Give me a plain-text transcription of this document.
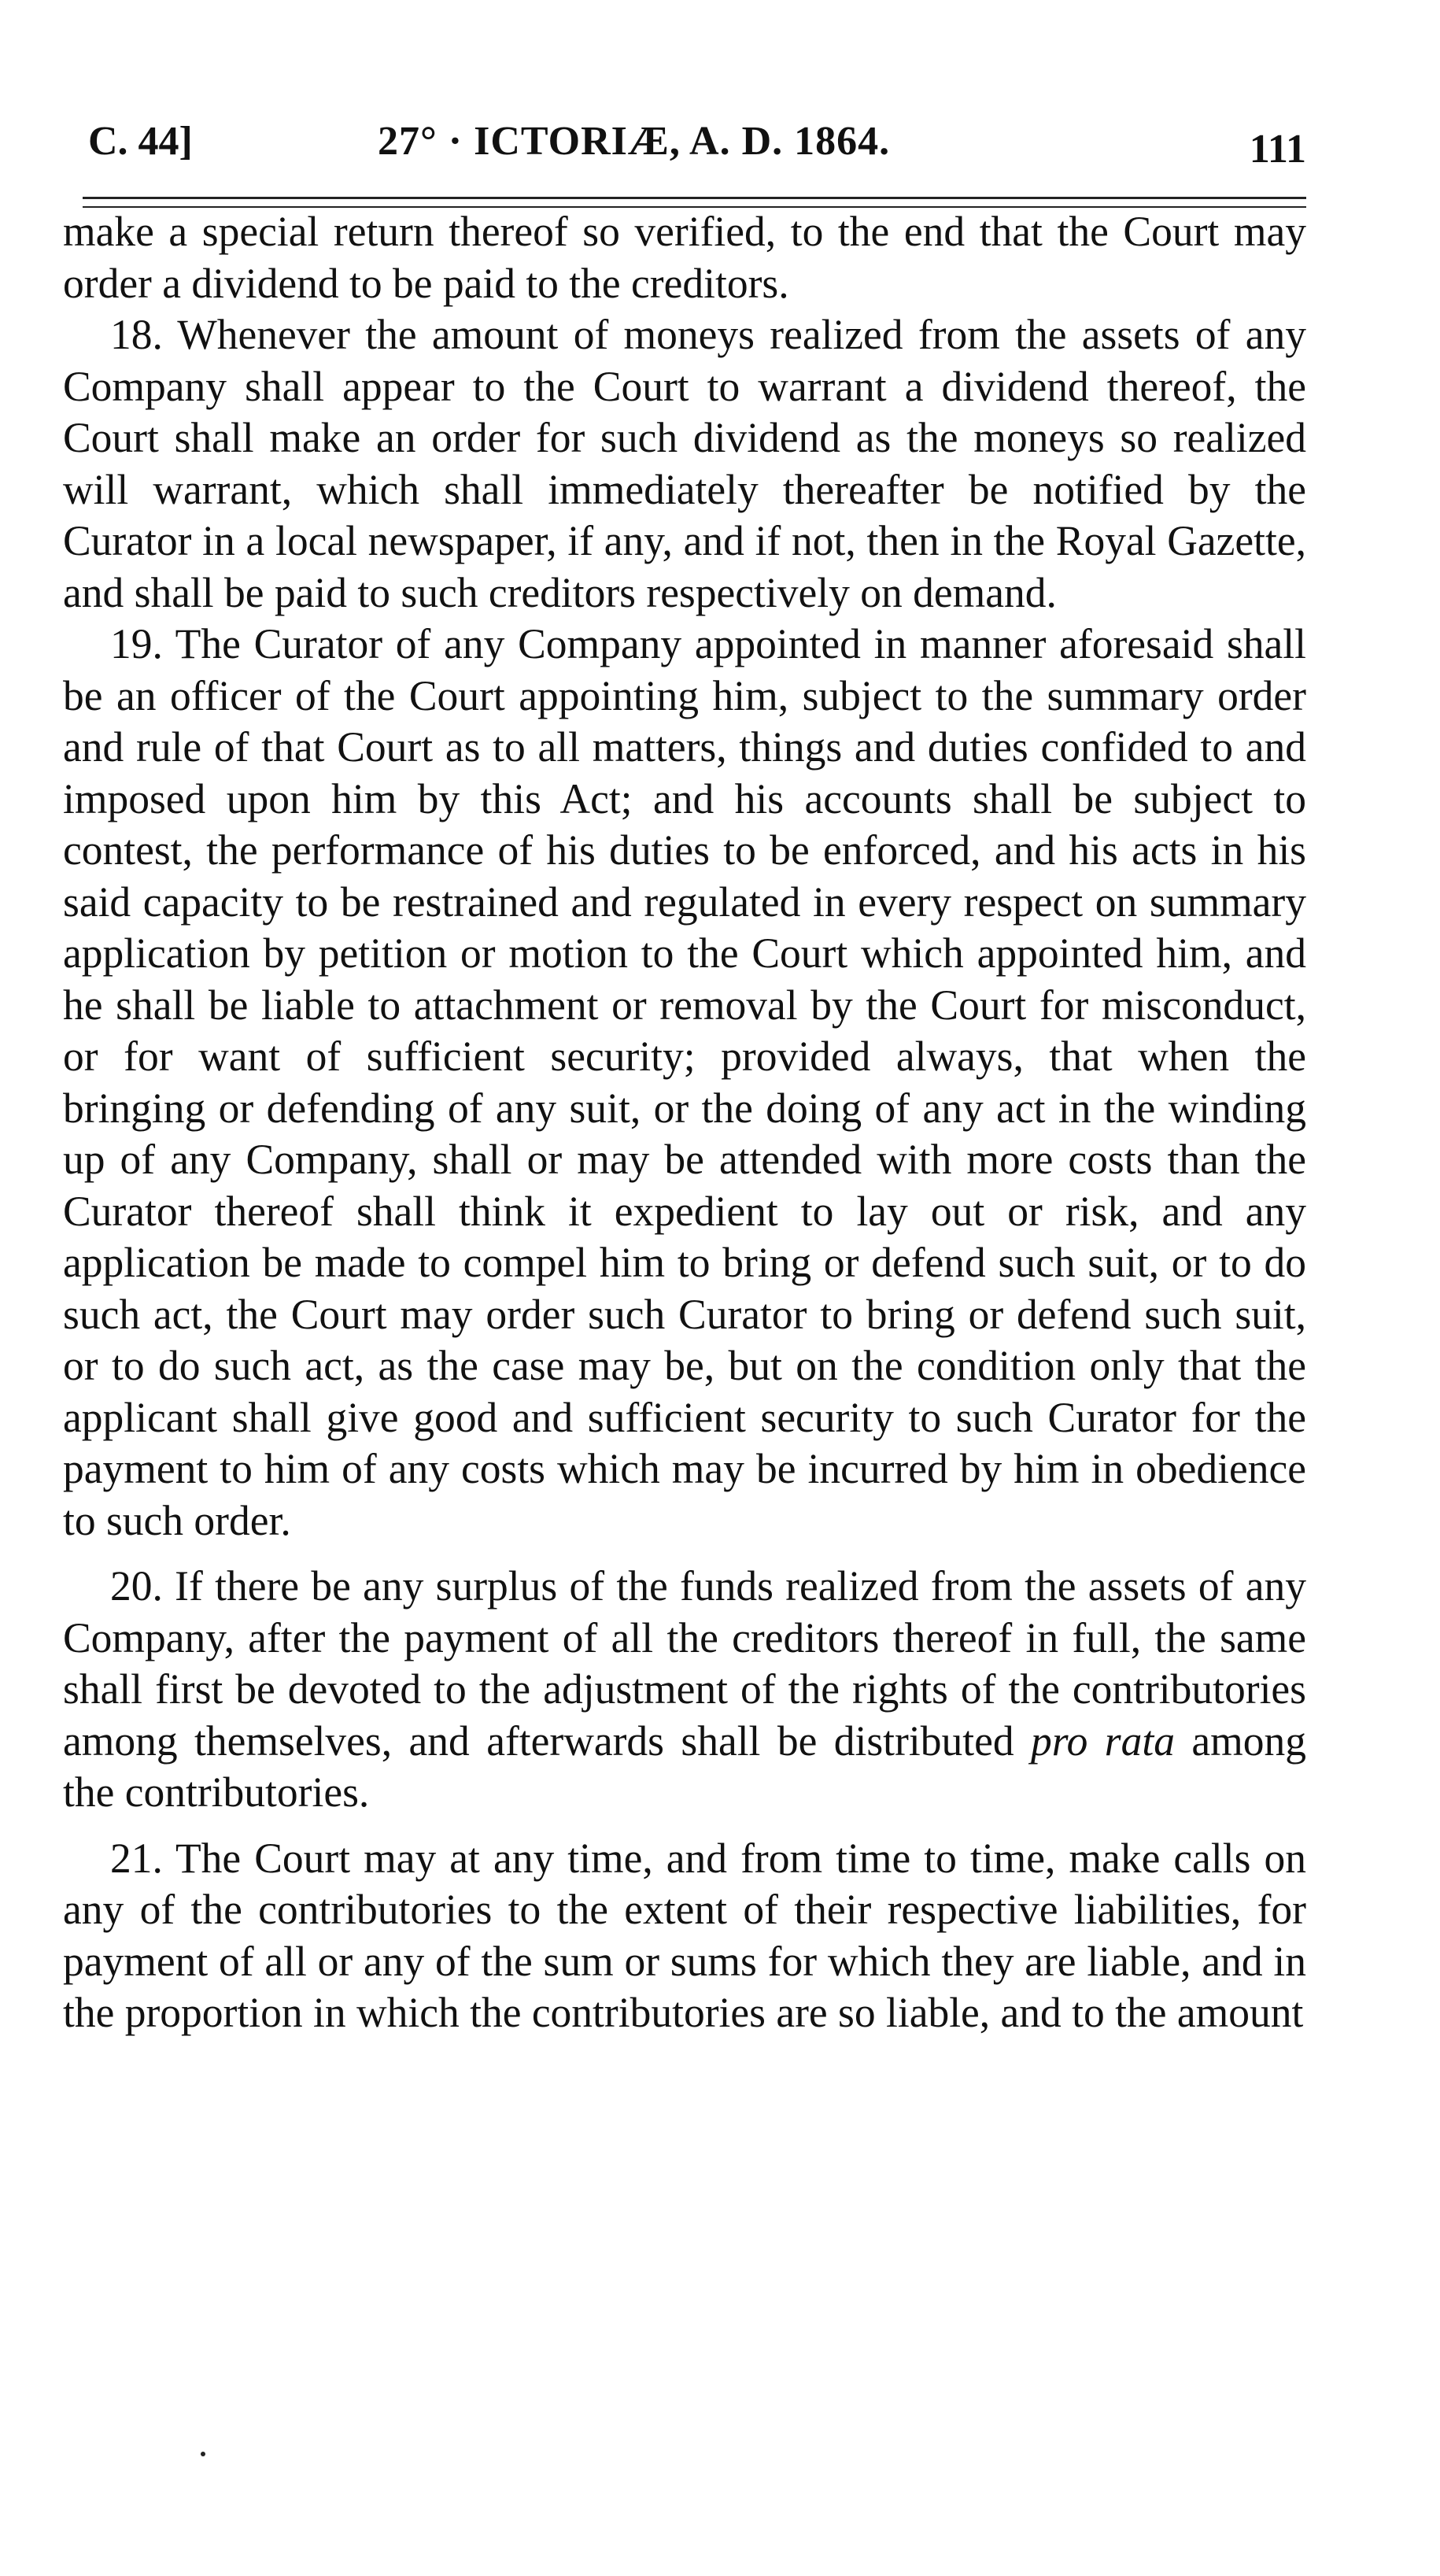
C. 44]	27° · ICTORIÆ, A. D. 1864.	111

make a special return thereof so verified, to the end that the Court may order a dividend to be paid to the creditors.

18. Whenever the amount of moneys realized from the assets of any Company shall appear to the Court to warrant a dividend thereof, the Court shall make an order for such dividend as the moneys so realized will warrant, which shall immediately thereafter be notified by the Curator in a local newspaper, if any, and if not, then in the Royal Gazette, and shall be paid to such creditors respectively on demand.

19. The Curator of any Company appointed in manner aforesaid shall be an officer of the Court appointing him, subject to the summary order and rule of that Court as to all matters, things and duties confided to and imposed upon him by this Act; and his accounts shall be subject to contest, the performance of his duties to be enforced, and his acts in his said capacity to be restrained and regulated in every respect on summary application by petition or motion to the Court which appointed him, and he shall be liable to attachment or removal by the Court for misconduct, or for want of sufficient security; provided always, that when the bringing or defending of any suit, or the doing of any act in the winding up of any Company, shall or may be attended with more costs than the Curator thereof shall think it expedient to lay out or risk, and any application be made to compel him to bring or defend such suit, or to do such act, the Court may order such Curator to bring or defend such suit, or to do such act, as the case may be, but on the condition only that the applicant shall give good and sufficient security to such Curator for the payment to him of any costs which may be incurred by him in obedience to such order.

20. If there be any surplus of the funds realized from the assets of any Company, after the payment of all the creditors thereof in full, the same shall first be devoted to the adjustment of the rights of the contributories among themselves, and afterwards shall be distributed pro rata among the contributories.

21. The Court may at any time, and from time to time, make calls on any of the contributories to the extent of their respective liabilities, for payment of all or any of the sum or sums for which they are liable, and in the proportion in which the contributories are so liable, and to the amount
